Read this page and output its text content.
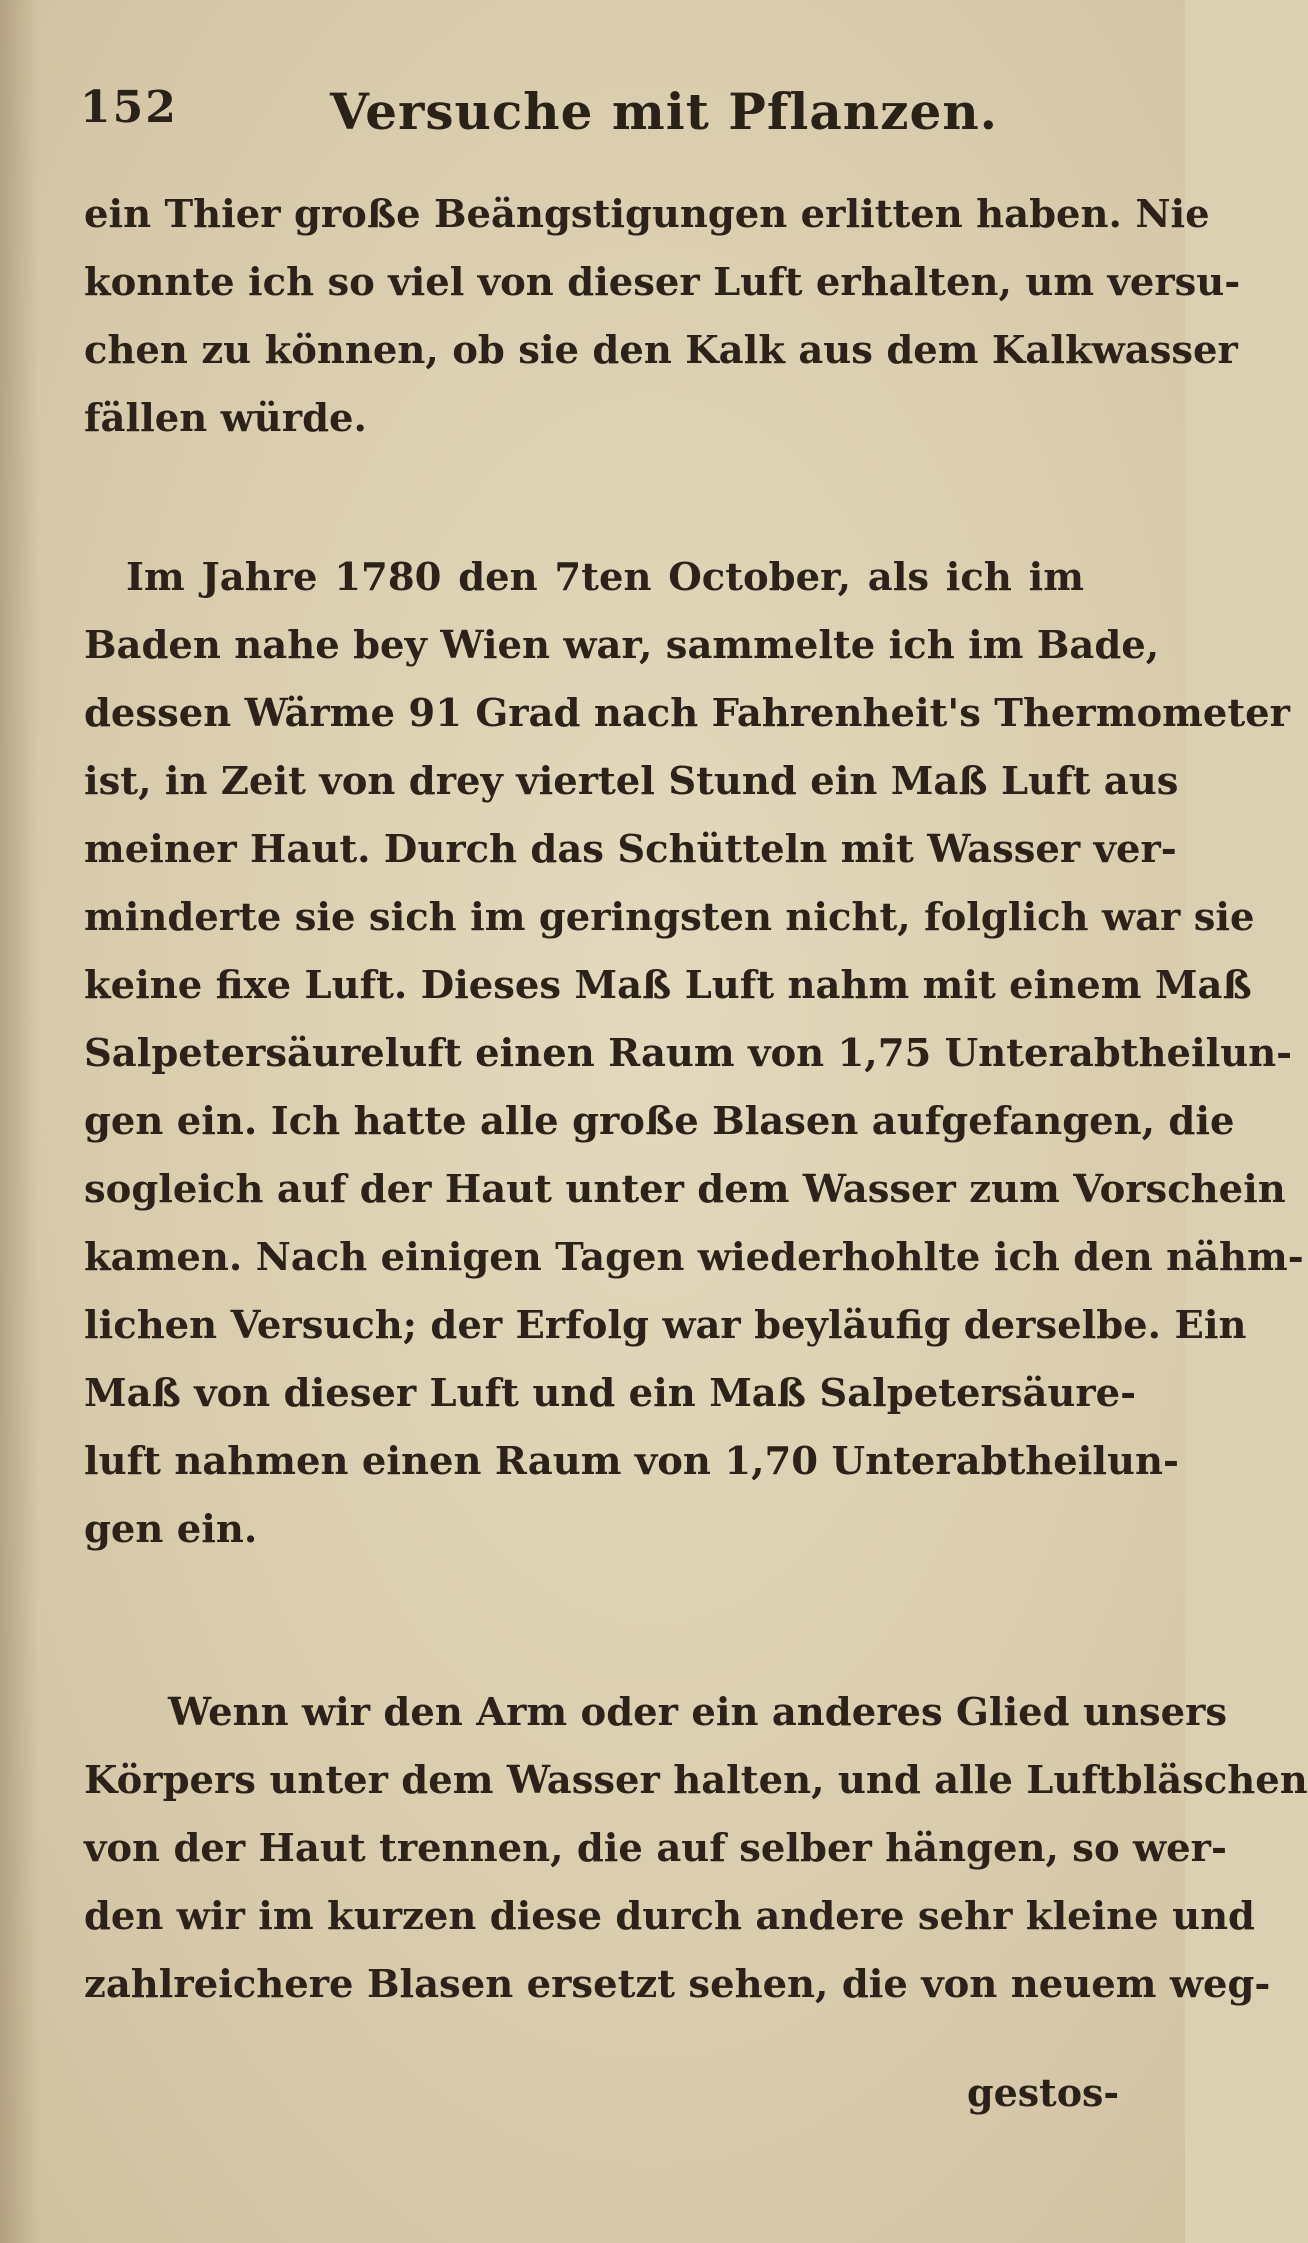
152	Versuche mit Pflanzen.
ein Thier große Beängstigungen erlitten haben. Nie
konnte ich so viel von dieser Luft erhalten, um versu-
chen zu können, ob sie den Kalk aus dem Kalkwasser
fällen würde.
Im Jahre 1780 den 7ten October, als ich im
Baden nahe bey Wien war, sammelte ich im Bade,
dessen Wärme 91 Grad nach Fahrenheit's Thermometer
ist, in Zeit von drey viertel Stund ein Maß Luft aus
meiner Haut. Durch das Schütteln mit Wasser ver-
minderte sie sich im geringsten nicht, folglich war sie
keine fixe Luft. Dieses Maß Luft nahm mit einem Maß
Salpetersäureluft einen Raum von 1,75 Unterabtheilun-
gen ein. Ich hatte alle große Blasen aufgefangen, die
sogleich auf der Haut unter dem Wasser zum Vorschein
kamen. Nach einigen Tagen wiederhohlte ich den nähm-
lichen Versuch; der Erfolg war beyläufig derselbe. Ein
Maß von dieser Luft und ein Maß Salpetersäure-
luft nahmen einen Raum von 1,70 Unterabtheilun-
gen ein.
Wenn wir den Arm oder ein anderes Glied unsers
Körpers unter dem Wasser halten, und alle Luftbläschen
von der Haut trennen, die auf selber hängen, so wer-
den wir im kurzen diese durch andere sehr kleine und
zahlreichere Blasen ersetzt sehen, die von neuem weg-
gestos-
